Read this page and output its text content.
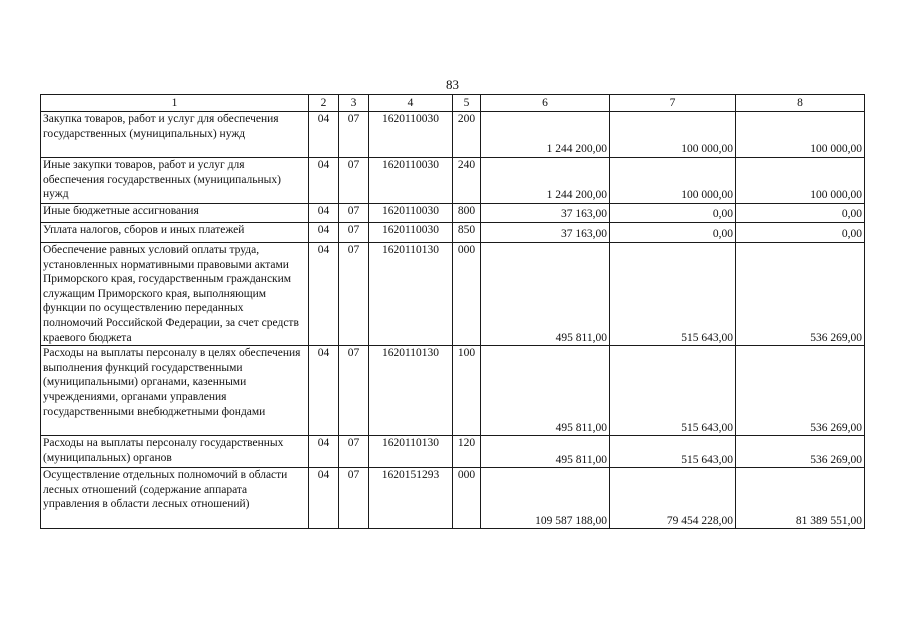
83
1	2	3	4	5	6	7	8
Закупка товаров, работ и услуг для обеспечения государственных (муниципальных) нужд	04	07	1620110030	200	1 244 200,00	100 000,00	100 000,00
Иные закупки товаров, работ и услуг для обеспечения государственных (муниципальных) нужд	04	07	1620110030	240	1 244 200,00	100 000,00	100 000,00
Иные бюджетные ассигнования	04	07	1620110030	800	37 163,00	0,00	0,00
Уплата налогов, сборов и иных платежей	04	07	1620110030	850	37 163,00	0,00	0,00
Обеспечение равных условий оплаты труда, установленных нормативными правовыми актами Приморского края, государственным гражданским служащим Приморского края, выполняющим функции по осуществлению переданных полномочий Российской Федерации, за счет средств краевого бюджета	04	07	1620110130	000	495 811,00	515 643,00	536 269,00
Расходы на выплаты персоналу в целях обеспечения выполнения функций государственными (муниципальными) органами, казенными учреждениями, органами управления государственными внебюджетными фондами	04	07	1620110130	100	495 811,00	515 643,00	536 269,00
Расходы на выплаты персоналу государственных (муниципальных) органов	04	07	1620110130	120	495 811,00	515 643,00	536 269,00
Осуществление отдельных полномочий в области лесных отношений (содержание аппарата управления в области лесных отношений)	04	07	1620151293	000	109 587 188,00	79 454 228,00	81 389 551,00
